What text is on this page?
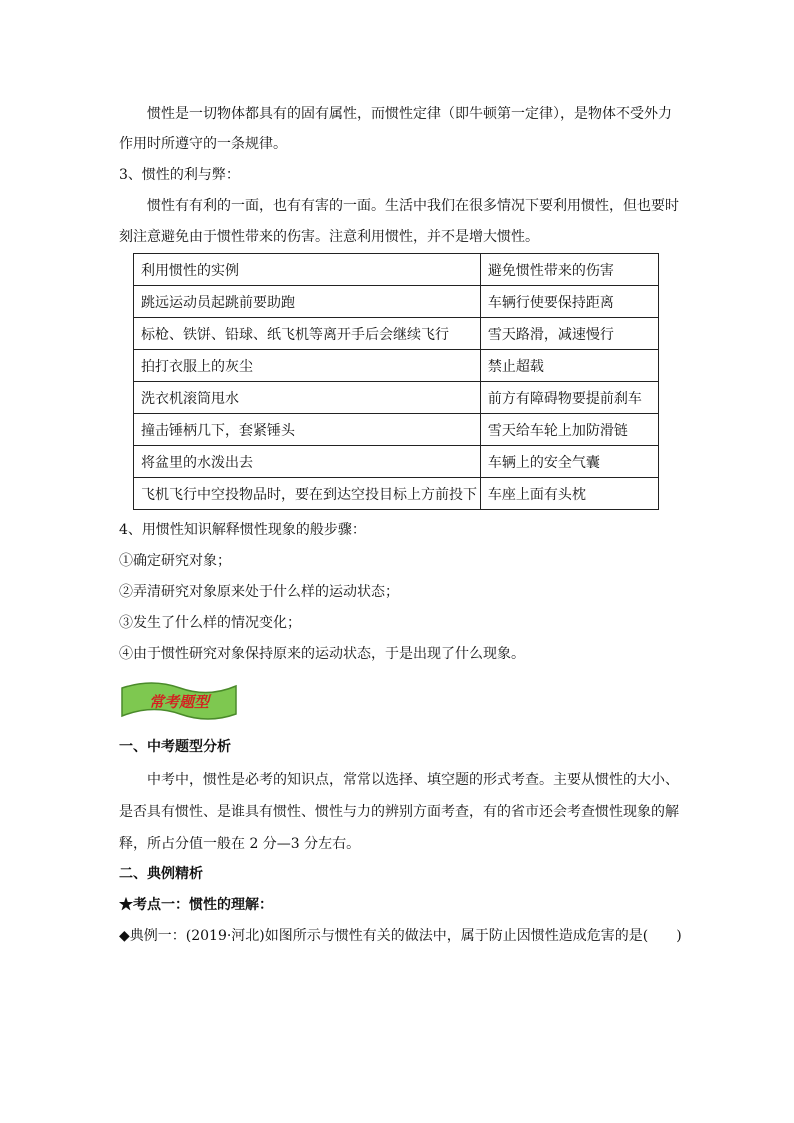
惯性是一切物体都具有的固有属性，而惯性定律（即牛顿第一定律），是物体不受外力
作用时所遵守的一条规律。
3、惯性的利与弊：
惯性有有利的一面，也有有害的一面。生活中我们在很多情况下要利用惯性，但也要时
刻注意避免由于惯性带来的伤害。注意利用惯性，并不是增大惯性。
利用惯性的实例	避免惯性带来的伤害
跳远运动员起跳前要助跑	车辆行使要保持距离
标枪、铁饼、铅球、纸飞机等离开手后会继续飞行	雪天路滑，减速慢行
拍打衣服上的灰尘	禁止超载
洗衣机滚筒甩水	前方有障碍物要提前刹车
撞击锤柄几下，套紧锤头	雪天给车轮上加防滑链
将盆里的水泼出去	车辆上的安全气囊
飞机飞行中空投物品时，要在到达空投目标上方前投下	车座上面有头枕
4、用惯性知识解释惯性现象的般步骤：
①确定研究对象；
②弄清研究对象原来处于什么样的运动状态；
③发生了什么样的情况变化；
④由于惯性研究对象保持原来的运动状态，于是出现了什么现象。
常考题型
一、中考题型分析
中考中，惯性是必考的知识点，常常以选择、填空题的形式考查。主要从惯性的大小、
是否具有惯性、是谁具有惯性、惯性与力的辨别方面考查，有的省市还会考查惯性现象的解
释，所占分值一般在 2 分—3 分左右。
二、典例精析
★考点一：惯性的理解：
◆典例一：(2019·河北)如图所示与惯性有关的做法中，属于防止因惯性造成危害的是(　　)
